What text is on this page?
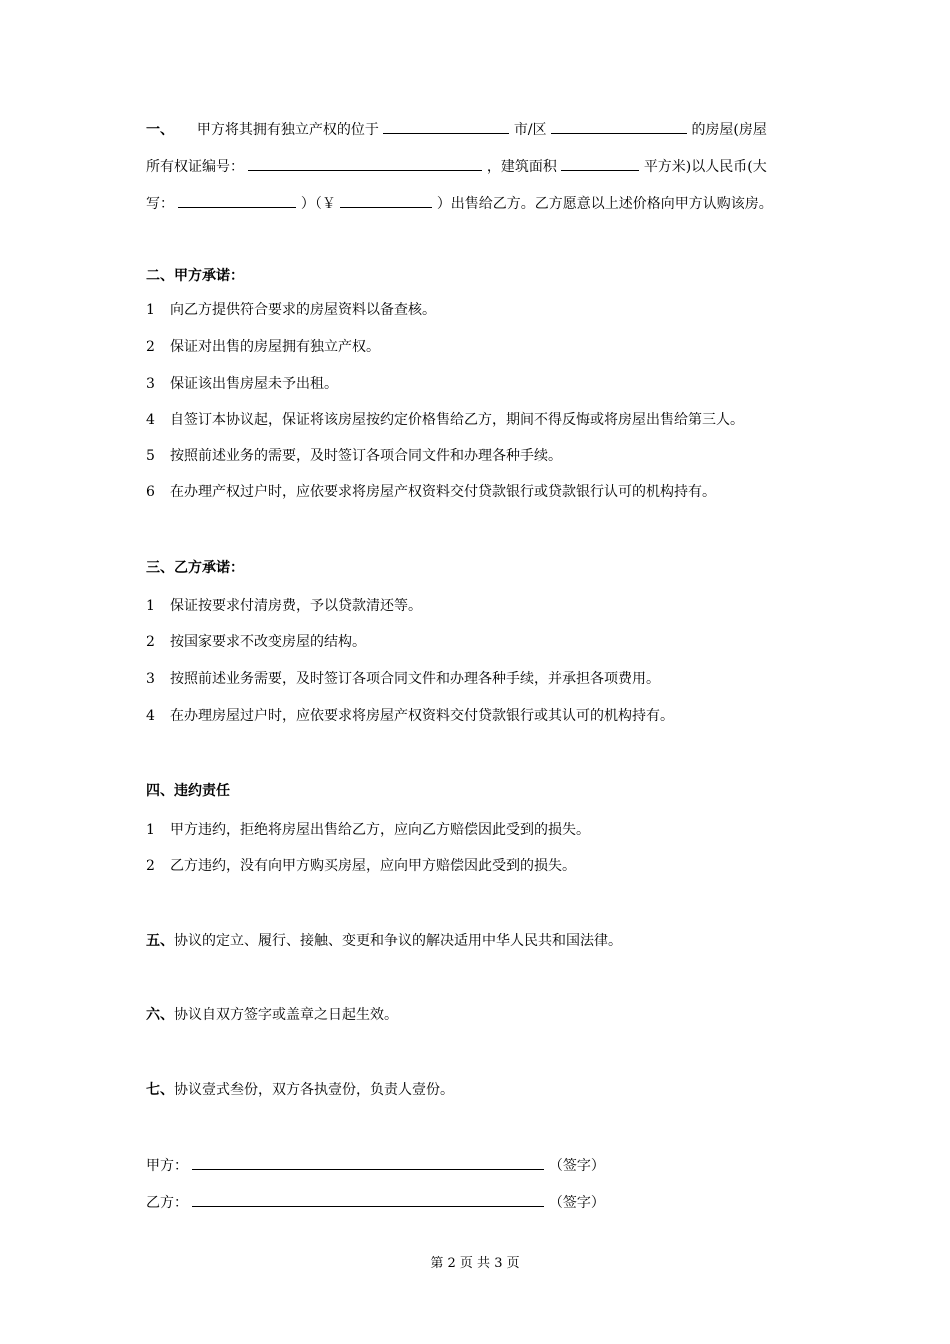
一、 甲方将其拥有独立产权的位于	市/区	的房屋(房屋
所有权证编号：	，建筑面积	平方米)以人民币(大
写：	）（￥	）出售给乙方。乙方愿意以上述价格向甲方认购该房。
二、甲方承诺：
1 向乙方提供符合要求的房屋资料以备查核。
2 保证对出售的房屋拥有独立产权。
3 保证该出售房屋未予出租。
4 自签订本协议起，保证将该房屋按约定价格售给乙方，期间不得反悔或将房屋出售给第三人。
5 按照前述业务的需要，及时签订各项合同文件和办理各种手续。
6 在办理产权过户时，应依要求将房屋产权资料交付贷款银行或贷款银行认可的机构持有。
三、乙方承诺：
1 保证按要求付清房费，予以贷款清还等。
2 按国家要求不改变房屋的结构。
3 按照前述业务需要，及时签订各项合同文件和办理各种手续，并承担各项费用。
4 在办理房屋过户时，应依要求将房屋产权资料交付贷款银行或其认可的机构持有。
四、违约责任
1 甲方违约，拒绝将房屋出售给乙方，应向乙方赔偿因此受到的损失。
2 乙方违约，没有向甲方购买房屋，应向甲方赔偿因此受到的损失。
五、协议的定立、履行、接触、变更和争议的解决适用中华人民共和国法律。
六、协议自双方签字或盖章之日起生效。
七、协议壹式叁份，双方各执壹份，负责人壹份。
甲方：	（签字）
乙方：	（签字）
第 2 页 共 3 页
